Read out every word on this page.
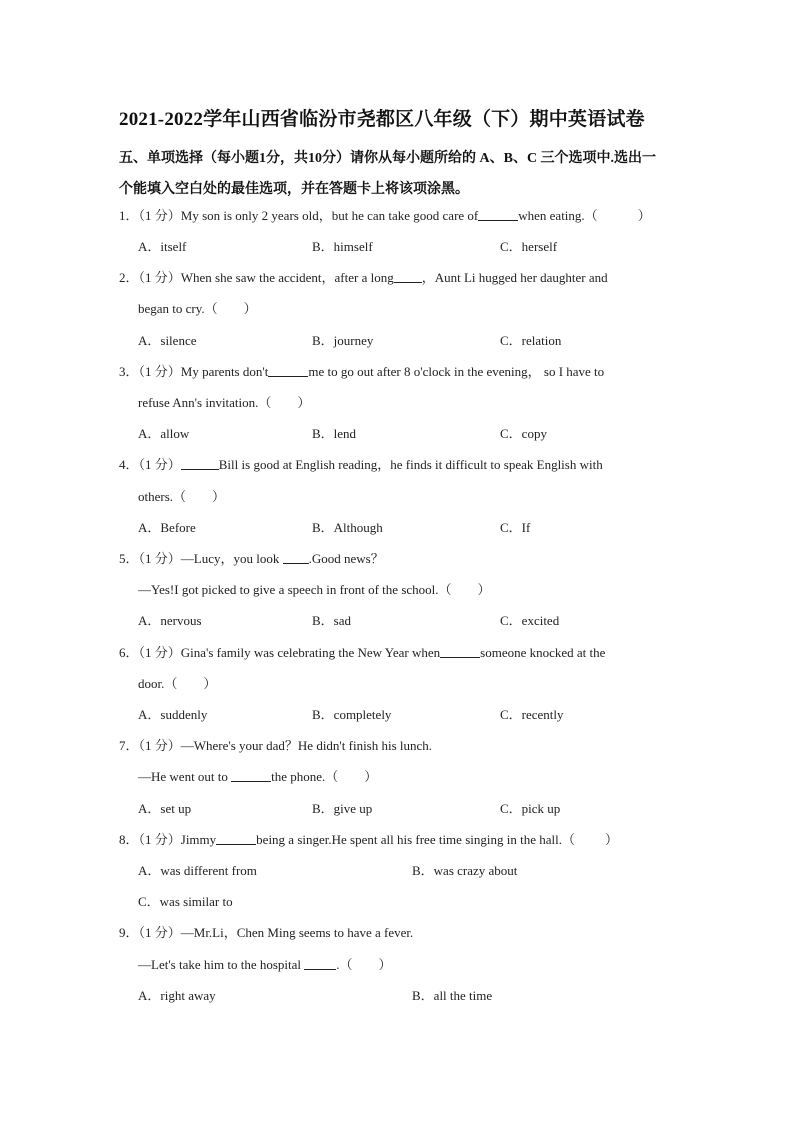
2021-2022学年山西省临汾市尧都区八年级（下）期中英语试卷
五、单项选择（每小题1分，共10分）请你从每小题所给的 A、B、C 三个选项中.选出一
个能填入空白处的最佳选项，并在答题卡上将该项涂黑。
1．（1 分）My son is only 2 years old，but he can take good care of	when eating.（	）
A．itself	B．himself	C．herself
2．（1 分）When she saw the accident，after a long ，Aunt Li hugged her daughter and
began to cry.（　　）
A．silence	B．journey	C．relation
3．（1 分）My parents don't	me to go out after 8 o'clock in the evening， so I have to
refuse Ann's invitation.（　　）
A．allow	B．lend	C．copy
4．（1 分）	Bill is good at English reading，he finds it difficult to speak English with
others.（　　）
A．Before	B．Although	C．If
5．（1 分）—Lucy，you look .Good news？
—Yes!I got picked to give a speech in front of the school.（　　）
A．nervous	B．sad	C．excited
6．（1 分）Gina's family was celebrating the New Year when	someone knocked at the
door.（　　）
A．suddenly	B．completely	C．recently
7．（1 分）—Where's your dad？He didn't finish his lunch.
—He went out to	the phone.（　　）
A．set up	B．give up	C．pick up
8．（1 分）Jimmy	being a singer.He spent all his free time singing in the hall.（ ）
A．was different from	B．was crazy about
C．was similar to
9．（1 分）—Mr.Li，Chen Ming seems to have a fever.
—Let's take him to the hospital	.（　　）
A．right away	B．all the time
